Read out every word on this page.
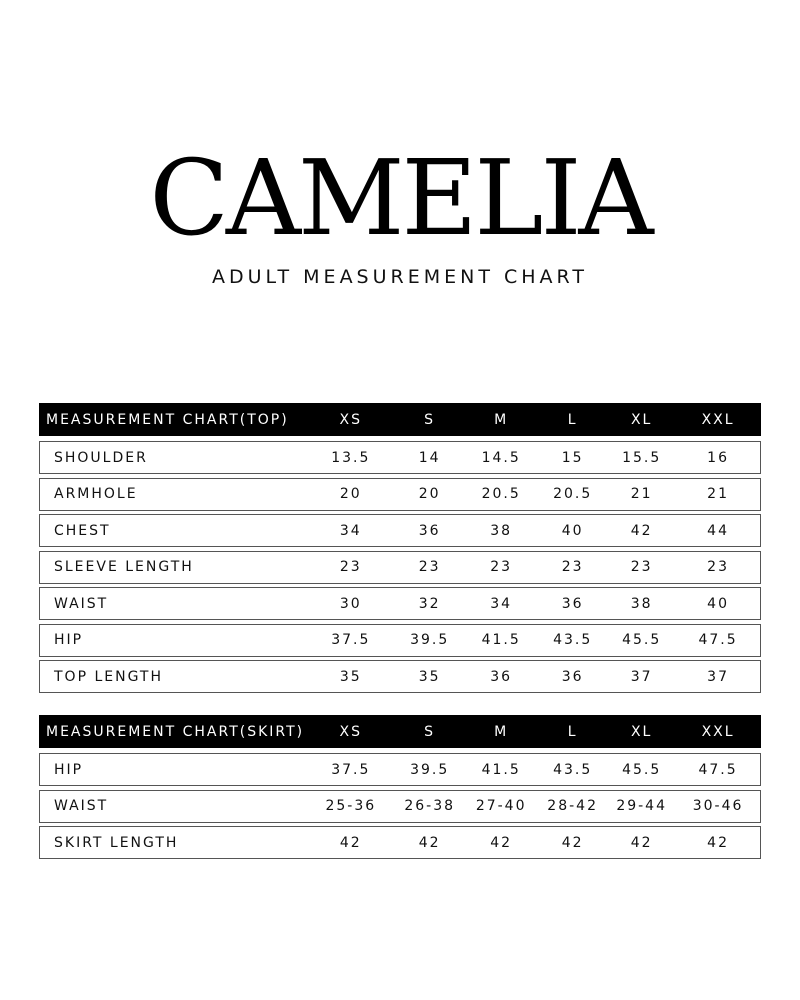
CAMELIA
ADULT MEASUREMENT CHART
MEASUREMENT CHART(TOP)	XS	S	M	L	XL	XXL
SHOULDER	13.5	14	14.5	15	15.5	16
ARMHOLE	20	20	20.5	20.5	21	21
CHEST	34	36	38	40	42	44
SLEEVE LENGTH	23	23	23	23	23	23
WAIST	30	32	34	36	38	40
HIP	37.5	39.5	41.5	43.5	45.5	47.5
TOP LENGTH	35	35	36	36	37	37
MEASUREMENT CHART(SKIRT)	XS	S	M	L	XL	XXL
HIP	37.5	39.5	41.5	43.5	45.5	47.5
WAIST	25-36	26-38	27-40	28-42	29-44	30-46
SKIRT LENGTH	42	42	42	42	42	42
